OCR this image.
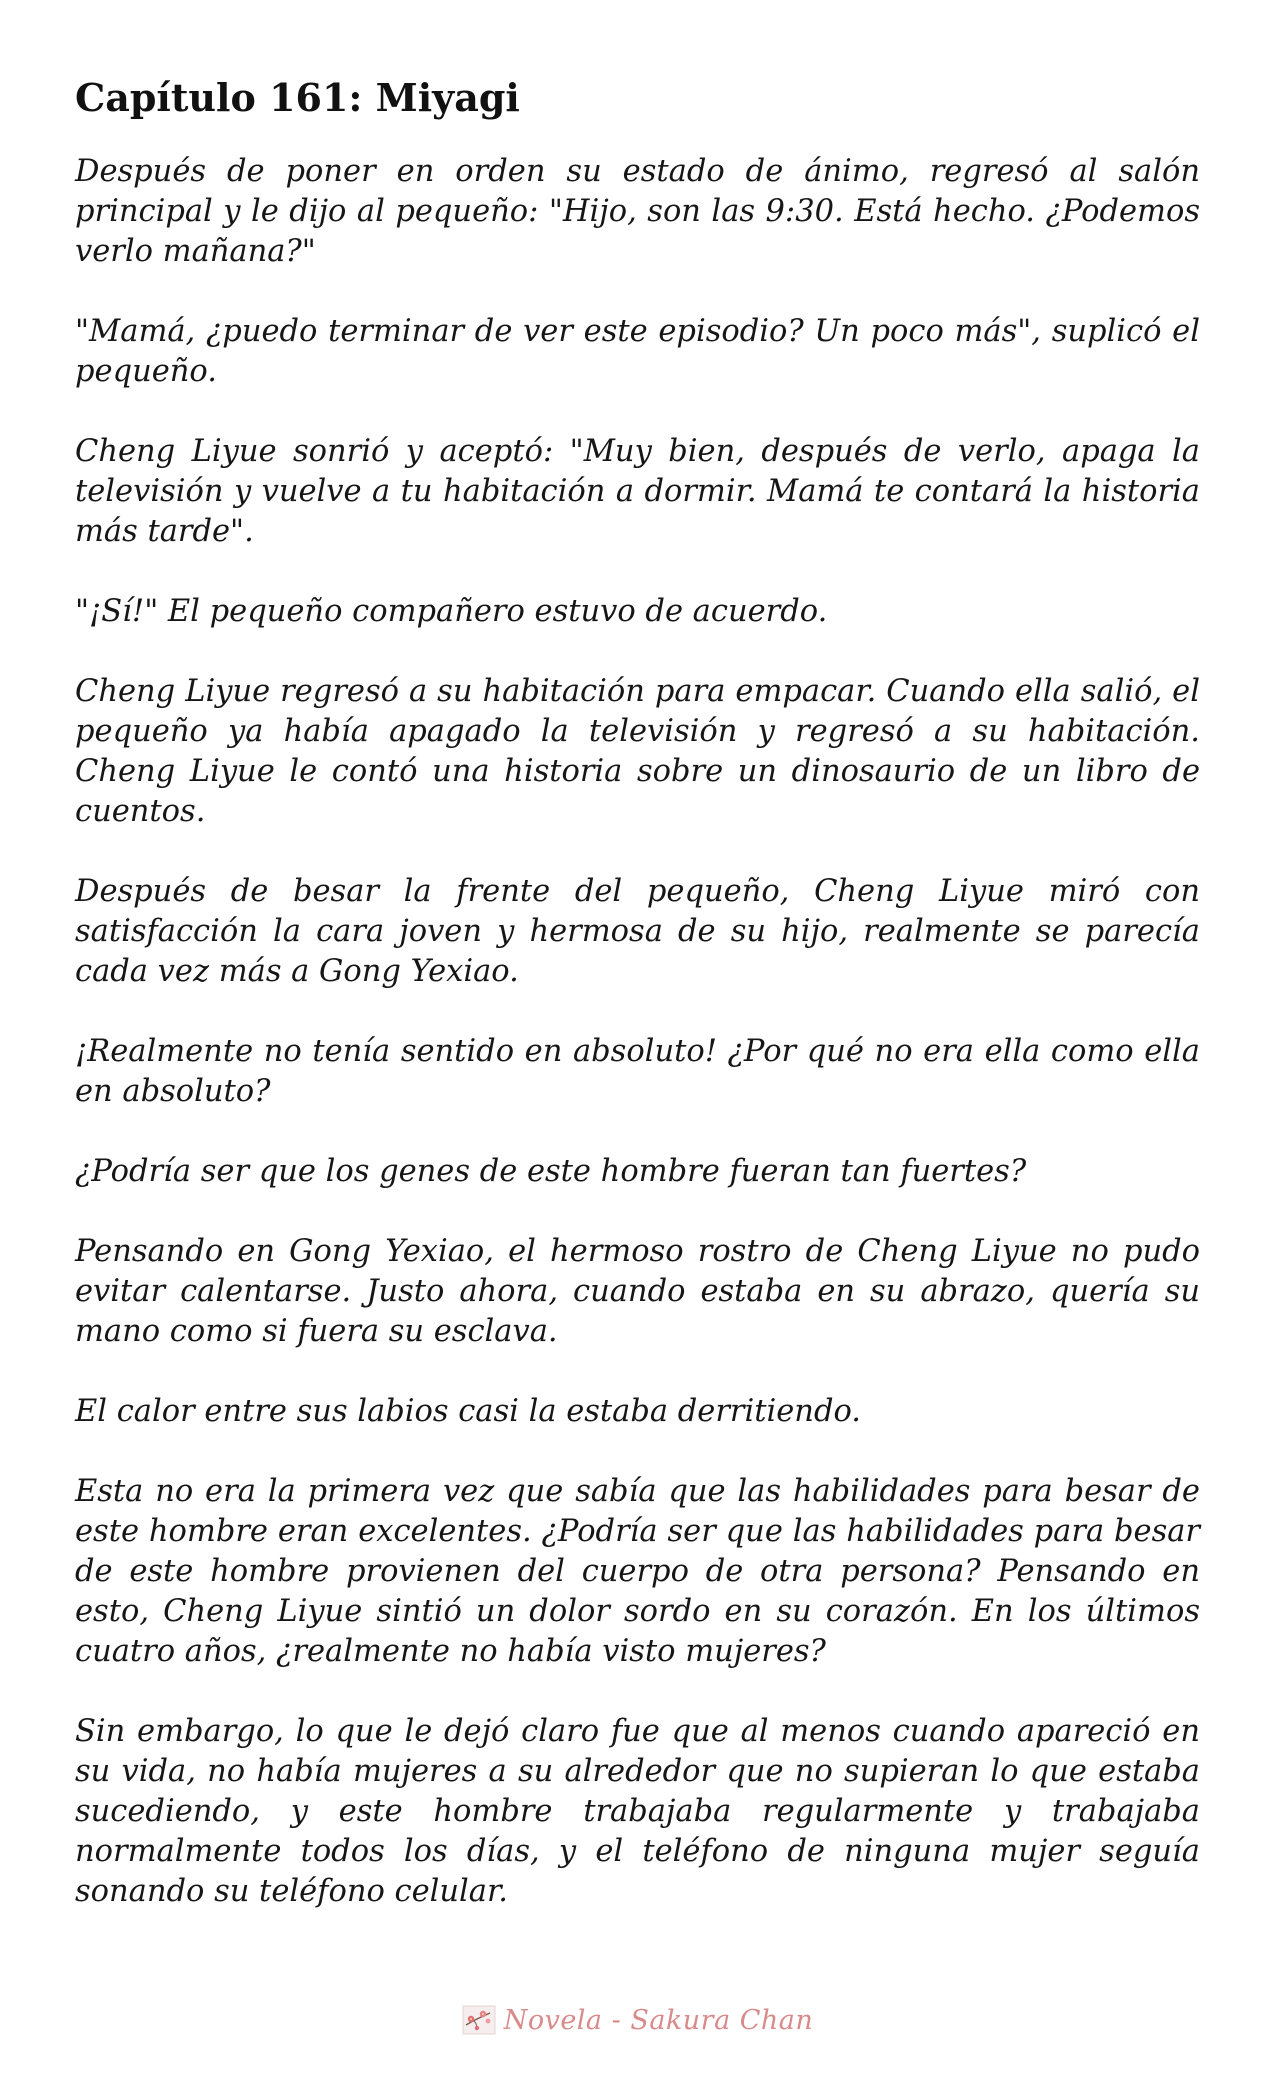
Capítulo 161: Miyagi

Después de poner en orden su estado de ánimo, regresó al salón principal y le dijo al pequeño: "Hijo, son las 9:30. Está hecho. ¿Podemos verlo mañana?"

"Mamá, ¿puedo terminar de ver este episodio? Un poco más", suplicó el pequeño.

Cheng Liyue sonrió y aceptó: "Muy bien, después de verlo, apaga la televisión y vuelve a tu habitación a dormir. Mamá te contará la historia más tarde".

"¡Sí!" El pequeño compañero estuvo de acuerdo.

Cheng Liyue regresó a su habitación para empacar. Cuando ella salió, el pequeño ya había apagado la televisión y regresó a su habitación. Cheng Liyue le contó una historia sobre un dinosaurio de un libro de cuentos.

Después de besar la frente del pequeño, Cheng Liyue miró con satisfacción la cara joven y hermosa de su hijo, realmente se parecía cada vez más a Gong Yexiao.

¡Realmente no tenía sentido en absoluto! ¿Por qué no era ella como ella en absoluto?

¿Podría ser que los genes de este hombre fueran tan fuertes?

Pensando en Gong Yexiao, el hermoso rostro de Cheng Liyue no pudo evitar calentarse. Justo ahora, cuando estaba en su abrazo, quería su mano como si fuera su esclava.

El calor entre sus labios casi la estaba derritiendo.

Esta no era la primera vez que sabía que las habilidades para besar de este hombre eran excelentes. ¿Podría ser que las habilidades para besar de este hombre provienen del cuerpo de otra persona? Pensando en esto, Cheng Liyue sintió un dolor sordo en su corazón. En los últimos cuatro años, ¿realmente no había visto mujeres?

Sin embargo, lo que le dejó claro fue que al menos cuando apareció en su vida, no había mujeres a su alrededor que no supieran lo que estaba sucediendo, y este hombre trabajaba regularmente y trabajaba normalmente todos los días, y el teléfono de ninguna mujer seguía sonando su teléfono celular.

Novela - Sakura Chan
